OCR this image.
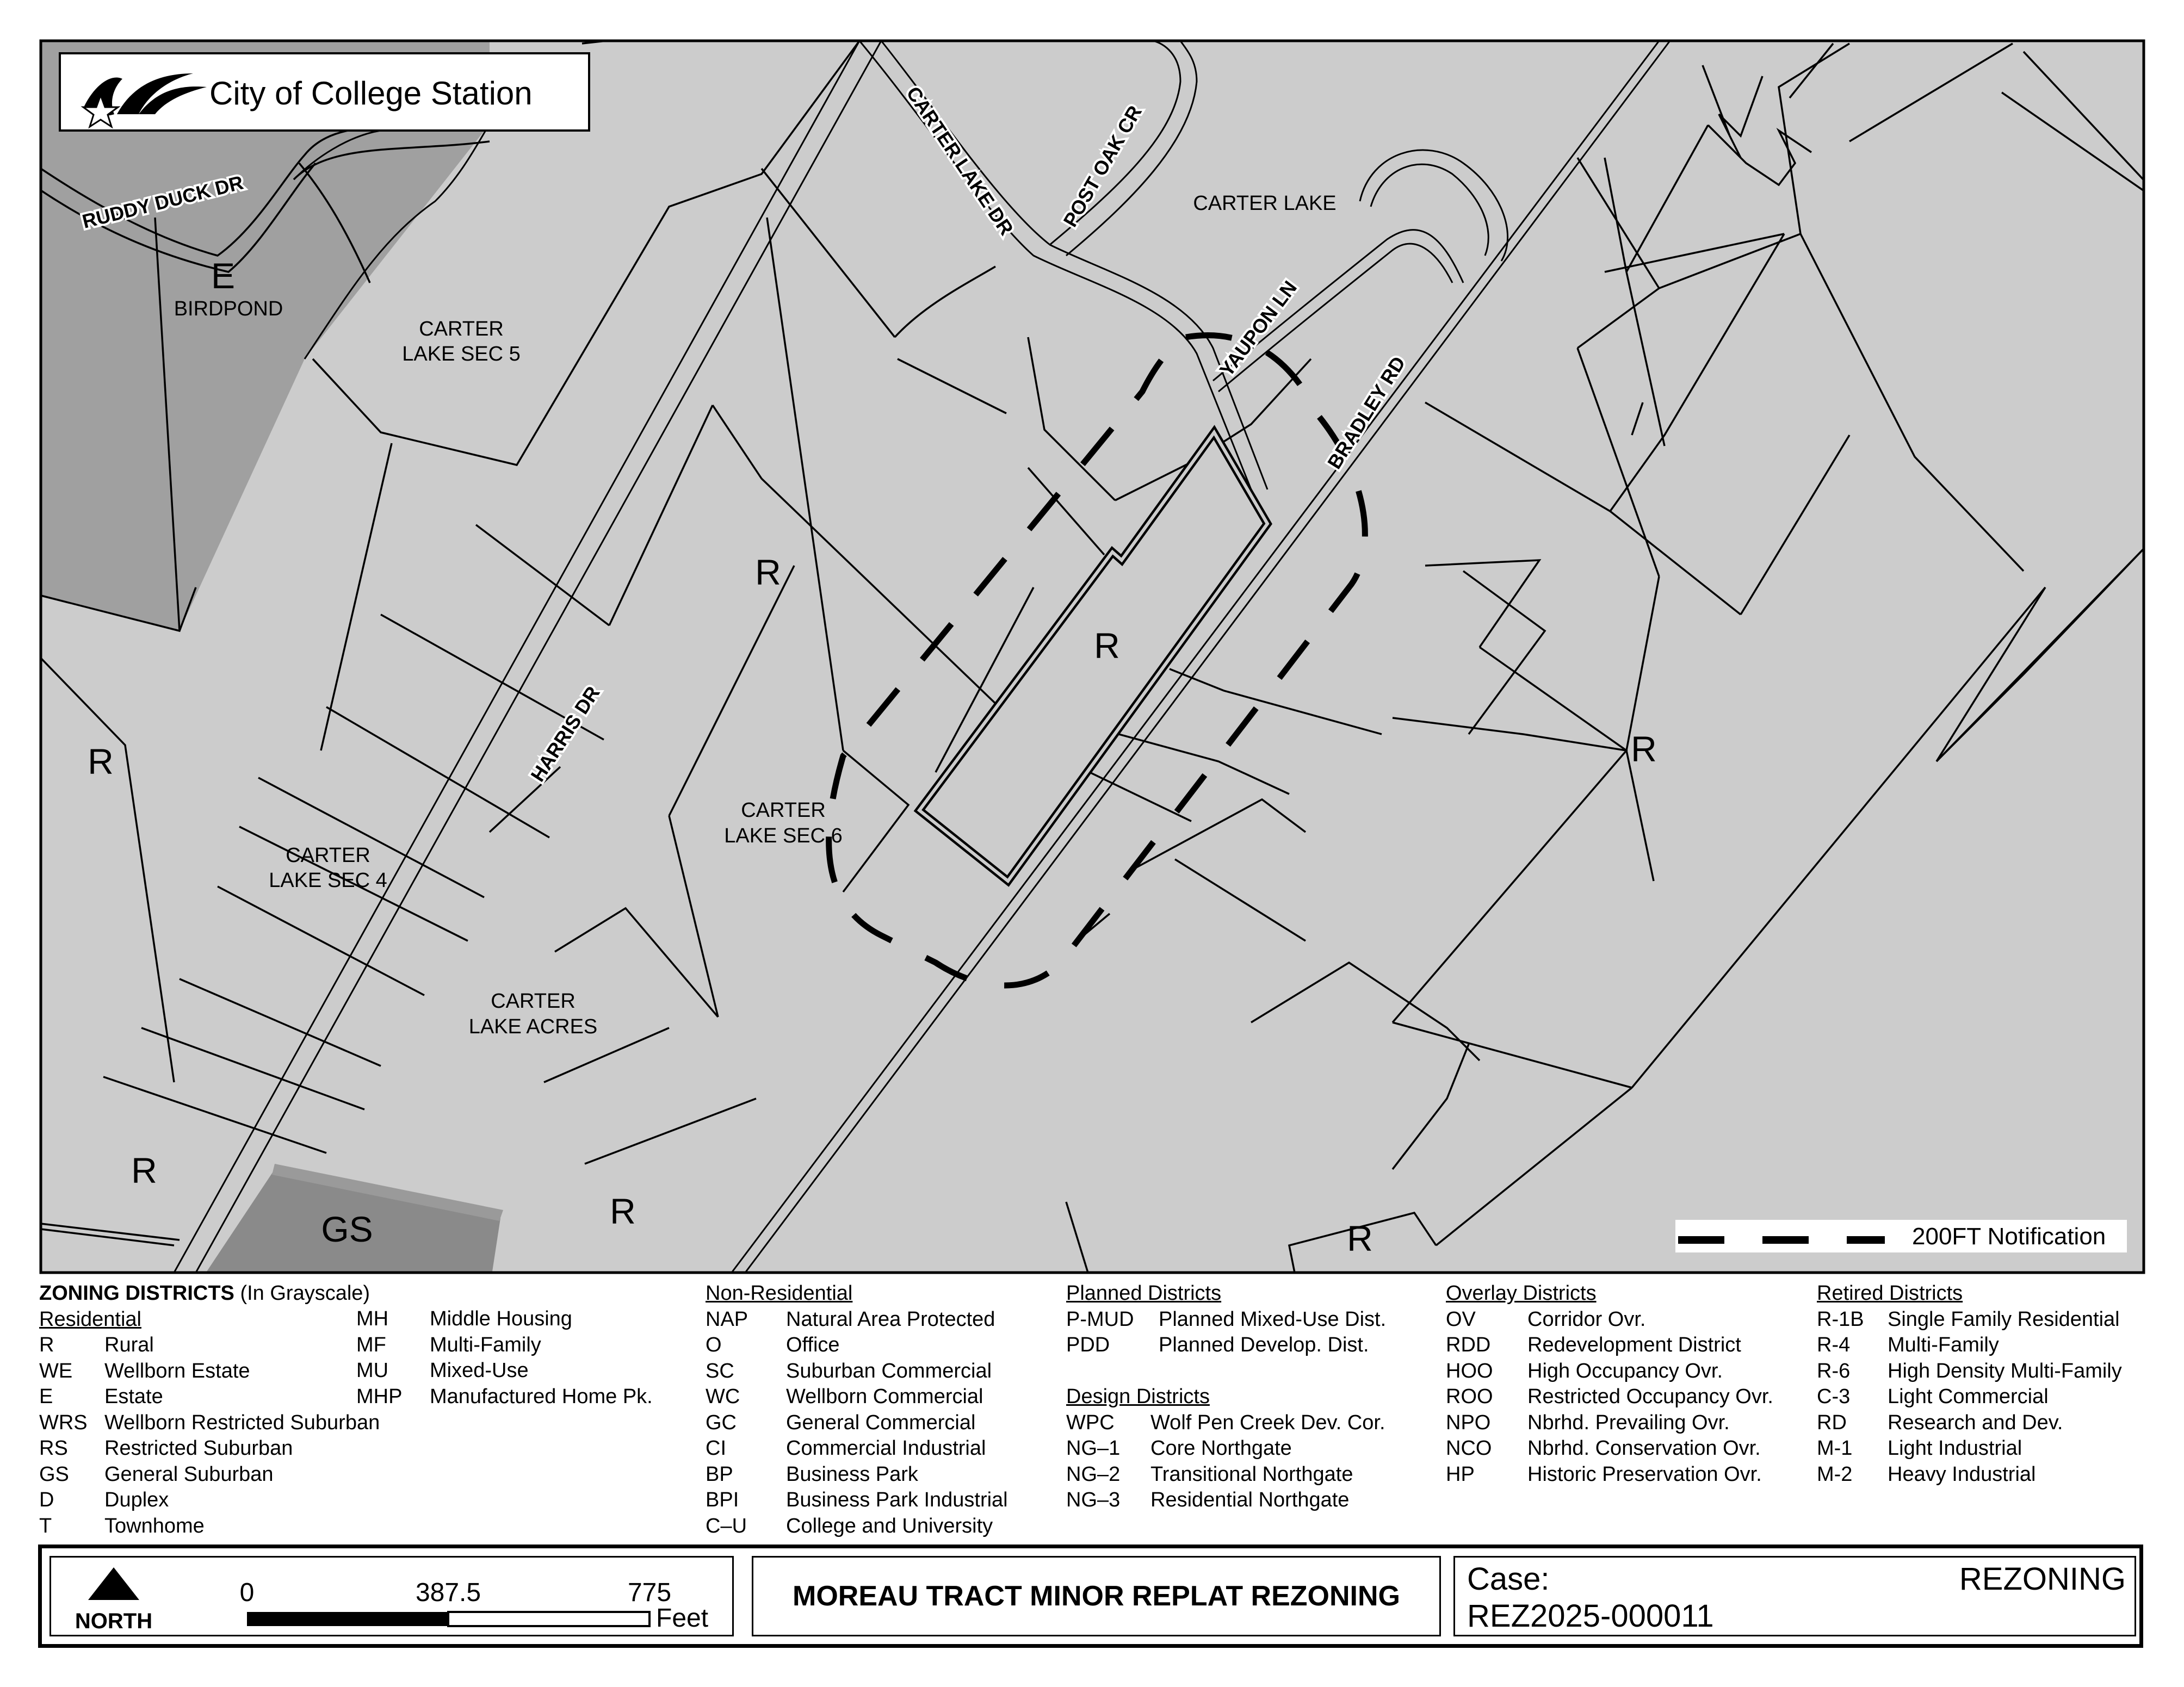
RUDDY DUCK DR	CARTER LAKE DR POST OAK CR
YAUPON LN
BRADLEY RD
HARRIS DR
BIRDPOND
CARTER LAKE
CARTER
LAKE SEC 5
CARTER
LAKE SEC 6
CARTER
LAKE SEC 4
CARTER
LAKE ACRES
E
R
R
R
R
R
R
R
GS
City of College Station
200FT Notification
ZONING DISTRICTS (In Grayscale)
Residential
R Rural
WE Wellborn Estate
E Estate
WRS Wellborn Restricted Suburban
RS Restricted Suburban
GS General Suburban
D Duplex
T	Townhome
MH Middle Housing
MF Multi-Family
MU Mixed-Use
MHP Manufactured Home Pk.
Non-Residential
NAP Natural Area Protected
O	Office
SC	Suburban Commercial
WC Wellborn Commercial
GC General Commercial
CI	Commercial Industrial
BP	Business Park
BPI Business Park Industrial
C–U College and University
Planned Districts
P-MUD Planned Mixed-Use Dist.
PDD Planned Develop. Dist.

Design Districts
WPC Wolf Pen Creek Dev. Cor.
NG–1 Core Northgate
NG–2 Transitional Northgate
NG–3 Residential Northgate
Overlay Districts
OV	Corridor Ovr.
RDD Redevelopment District
HOO High Occupancy Ovr.
ROO Restricted Occupancy Ovr.
NPO Nbrhd. Prevailing Ovr.
NCO Nbrhd. Conservation Ovr.
HP	Historic Preservation Ovr.
Retired Districts
R-1B Single Family Residential
R-4 Multi-Family
R-6 High Density Multi-Family
C-3 Light Commercial
RD Research and Dev.
M-1 Light Industrial
M-2 Heavy Industrial
NORTH
0	387.5	775
Feet
MOREAU TRACT MINOR REPLAT REZONING Case:	REZONING
REZ2025-000011
